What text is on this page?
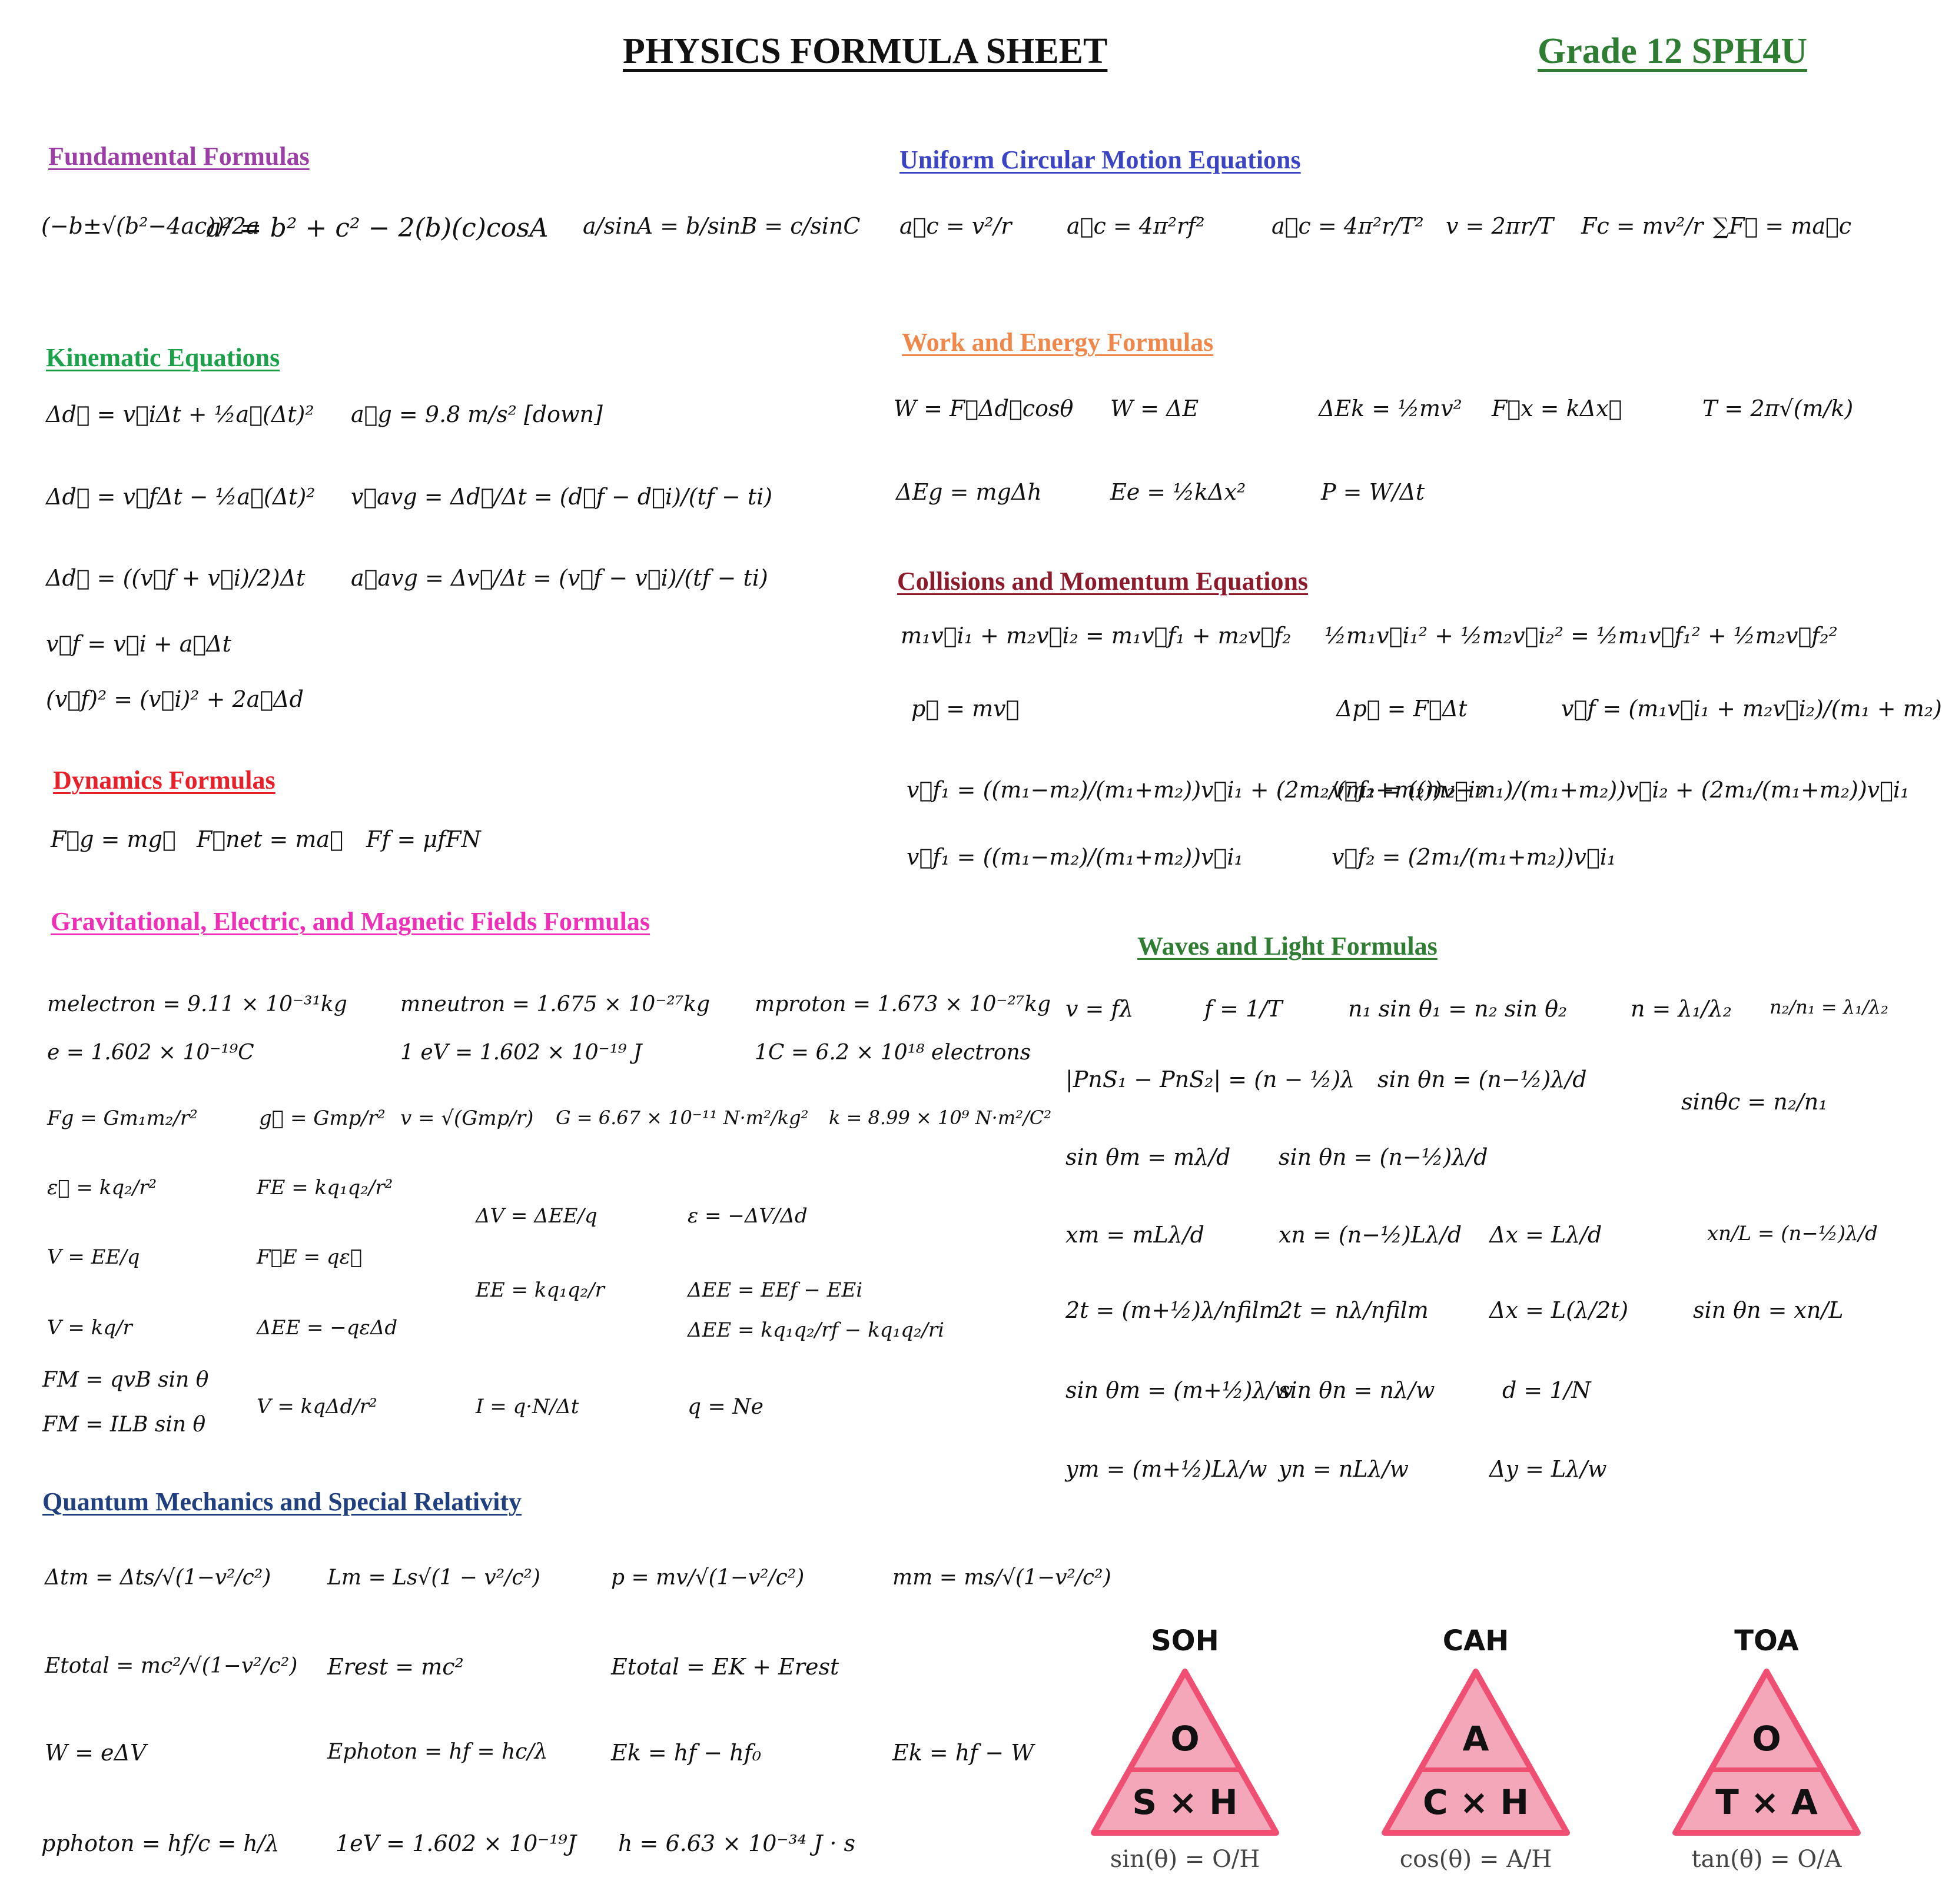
PHYSICS FORMULA SHEET	Grade 12 SPH4U
Fundamental Formulas
(−b±√(b²−4ac))/2a
a² = b² + c² − 2(b)(c)cosA a/sinA = b/sinB = c/sinC
Uniform Circular Motion Equations
a⃗c = v²/r a⃗c = 4π²rf²	a⃗c = 4π²r/T² v = 2πr/T Fc = mv²/r ∑F⃗ = ma⃗c
Kinematic Equations
Δd⃗ = v⃗iΔt + ½a⃗(Δt)² a⃗g = 9.8 m/s² [down]
Δd⃗ = v⃗fΔt − ½a⃗(Δt)² v⃗avg = Δd⃗/Δt = (d⃗f − d⃗i)/(tf − ti)
Δd⃗ = ((v⃗f + v⃗i)/2)Δt a⃗avg = Δv⃗/Δt = (v⃗f − v⃗i)/(tf − ti)
v⃗f = v⃗i + a⃗Δt
(v⃗f)² = (v⃗i)² + 2a⃗Δd
Work and Energy Formulas
W = F⃗Δd⃗cosθ W = ΔE	ΔEk = ½mv² F⃗x = kΔx⃗	T = 2π√(m/k)
ΔEg = mgΔh	Ee = ½kΔx²	P = W/Δt
Collisions and Momentum Equations
m₁v⃗i₁ + m₂v⃗i₂ = m₁v⃗f₁ + m₂v⃗f₂ ½m₁v⃗i₁² + ½m₂v⃗i₂² = ½m₁v⃗f₁² + ½m₂v⃗f₂²
p⃗ = mv⃗	Δp⃗ = F⃗Δt	v⃗f = (m₁v⃗i₁ + m₂v⃗i₂)/(m₁ + m₂)
v⃗f₁ = ((m₁−m₂)/(m₁+m₂))v⃗i₁ + (2m₂/(m₁+m₂))v⃗i₂
v⃗f₂ = ((m₂−m₁)/(m₁+m₂))v⃗i₂ + (2m₁/(m₁+m₂))v⃗i₁
v⃗f₁ = ((m₁−m₂)/(m₁+m₂))v⃗i₁	v⃗f₂ = (2m₁/(m₁+m₂))v⃗i₁
Dynamics Formulas
F⃗g = mg⃗ F⃗net = ma⃗ Ff = μfFN
Gravitational, Electric, and Magnetic Fields Formulas
melectron = 9.11 × 10⁻³¹kg	mneutron = 1.675 × 10⁻²⁷kg mproton = 1.673 × 10⁻²⁷kg
e = 1.602 × 10⁻¹⁹C	1 eV = 1.602 × 10⁻¹⁹ J	1C = 6.2 × 10¹⁸ electrons
Fg = Gm₁m₂/r²	g⃗ = Gmp/r² v = √(Gmp/r) G = 6.67 × 10⁻¹¹ N·m²/kg² k = 8.99 × 10⁹ N·m²/C²
ε⃗ = kq₂/r²	FE = kq₁q₂/r²
ΔV = ΔEE/q	ε = −ΔV/Δd
V = EE/q	F⃗E = qε⃗
EE = kq₁q₂/r	ΔEE = EEf − EEi
V = kq/r	ΔEE = −qεΔd	ΔEE = kq₁q₂/rf − kq₁q₂/ri
FM = qvB sin θ
FM = ILB sin θ
V = kqΔd/r²	I = q·N/Δt	q = Ne
Waves and Light Formulas
v = fλ	f = 1/T	n₁ sin θ₁ = n₂ sin θ₂	n = λ₁/λ₂ n₂/n₁ = λ₁/λ₂
|PnS₁ − PnS₂| = (n − ½)λ sin θn = (n−½)λ/d
sinθc = n₂/n₁
sin θm = mλ/d sin θn = (n−½)λ/d
xm = mLλ/d	xn = (n−½)Lλ/d Δx = Lλ/d	xn/L = (n−½)λ/d
2t = (m+½)λ/nfilm
2t = nλ/nfilm	Δx = L(λ/2t)	sin θn = xn/L
sin θm = (m+½)λ/w
sin θn = nλ/w	d = 1/N
ym = (m+½)Lλ/w yn = nLλ/w	Δy = Lλ/w
Quantum Mechanics and Special Relativity
Δtm = Δts/√(1−v²/c²)	Lm = Ls√(1 − v²/c²)	p = mv/√(1−v²/c²)	mm = ms/√(1−v²/c²)
Etotal = mc²/√(1−v²/c²) Erest = mc²	Etotal = EK + Erest
W = eΔV	Ephoton = hf = hc/λ	Ek = hf − hf₀	Ek = hf − W
pphoton = hf/c = h/λ	1eV = 1.602 × 10⁻¹⁹J h = 6.63 × 10⁻³⁴ J · s
SOH
O
S × H
sin(θ) = O/H
CAH
A
C × H
cos(θ) = A/H
TOA
O
T × A
tan(θ) = O/A
